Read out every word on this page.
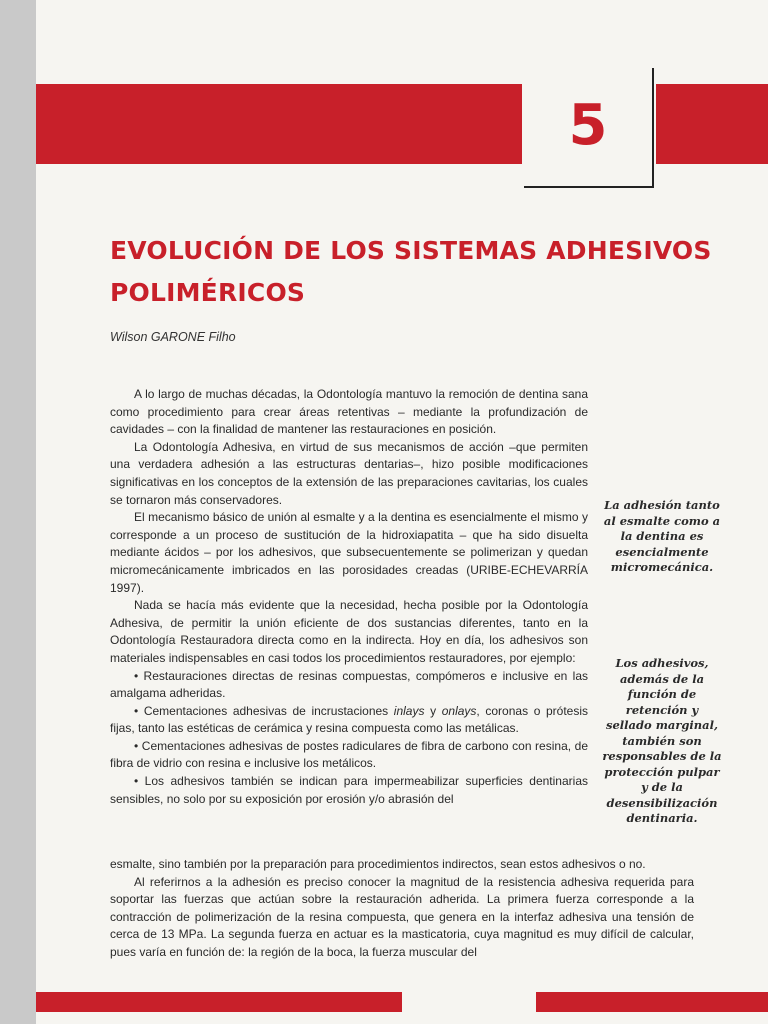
5
EVOLUCIÓN DE LOS SISTEMAS ADHESIVOS
POLIMÉRICOS
Wilson GARONE Filho

A lo largo de muchas décadas, la Odontología mantuvo la remoción de dentina sana como procedimiento para crear áreas retentivas – mediante la profundización de cavidades – con la finalidad de mantener las restauraciones en posición.

La Odontología Adhesiva, en virtud de sus mecanismos de acción –que permiten una verdadera adhesión a las estructuras dentarias–, hizo posible modificaciones significativas en los conceptos de la extensión de las preparaciones cavitarias, los cuales se tornaron más conservadores.

El mecanismo básico de unión al esmalte y a la dentina es esencialmente el mismo y corresponde a un proceso de sustitución de la hidroxiapatita – que ha sido disuelta mediante ácidos – por los adhesivos, que subsecuentemente se polimerizan y quedan micromecánicamente imbricados en las porosidades creadas (URIBE-ECHEVARRÍA 1997).

Nada se hacía más evidente que la necesidad, hecha posible por la Odontología Adhesiva, de permitir la unión eficiente de dos sustancias diferentes, tanto en la Odontología Restauradora directa como en la indirecta. Hoy en día, los adhesivos son materiales indispensables en casi todos los procedimientos restauradores, por ejemplo:

• Restauraciones directas de resinas compuestas, compómeros e inclusive en las amalgama adheridas.

• Cementaciones adhesivas de incrustaciones inlays y onlays, coronas o prótesis fijas, tanto las estéticas de cerámica y resina compuesta como las metálicas.

• Cementaciones adhesivas de postes radiculares de fibra de carbono con resina, de fibra de vidrio con resina e inclusive los metálicos.

• Los adhesivos también se indican para impermeabilizar superficies dentinarias sensibles, no solo por su exposición por erosión y/o abrasión del

esmalte, sino también por la preparación para procedimientos indirectos, sean estos adhesivos o no.

Al referirnos a la adhesión es preciso conocer la magnitud de la resistencia adhesiva requerida para soportar las fuerzas que actúan sobre la restauración adherida. La primera fuerza corresponde a la contracción de polimerización de la resina compuesta, que genera en la interfaz adhesiva una tensión de cerca de 13 MPa. La segunda fuerza en actuar es la masticatoria, cuya magnitud es muy difícil de calcular, pues varía en función de: la región de la boca, la fuerza muscular del

La adhesión tanto al esmalte como a la dentina es esencialmente micromecánica.
Los adhesivos, además de la función de retención y sellado marginal, también son responsables de la protección pulpar y de la desensibilización dentinaria.
